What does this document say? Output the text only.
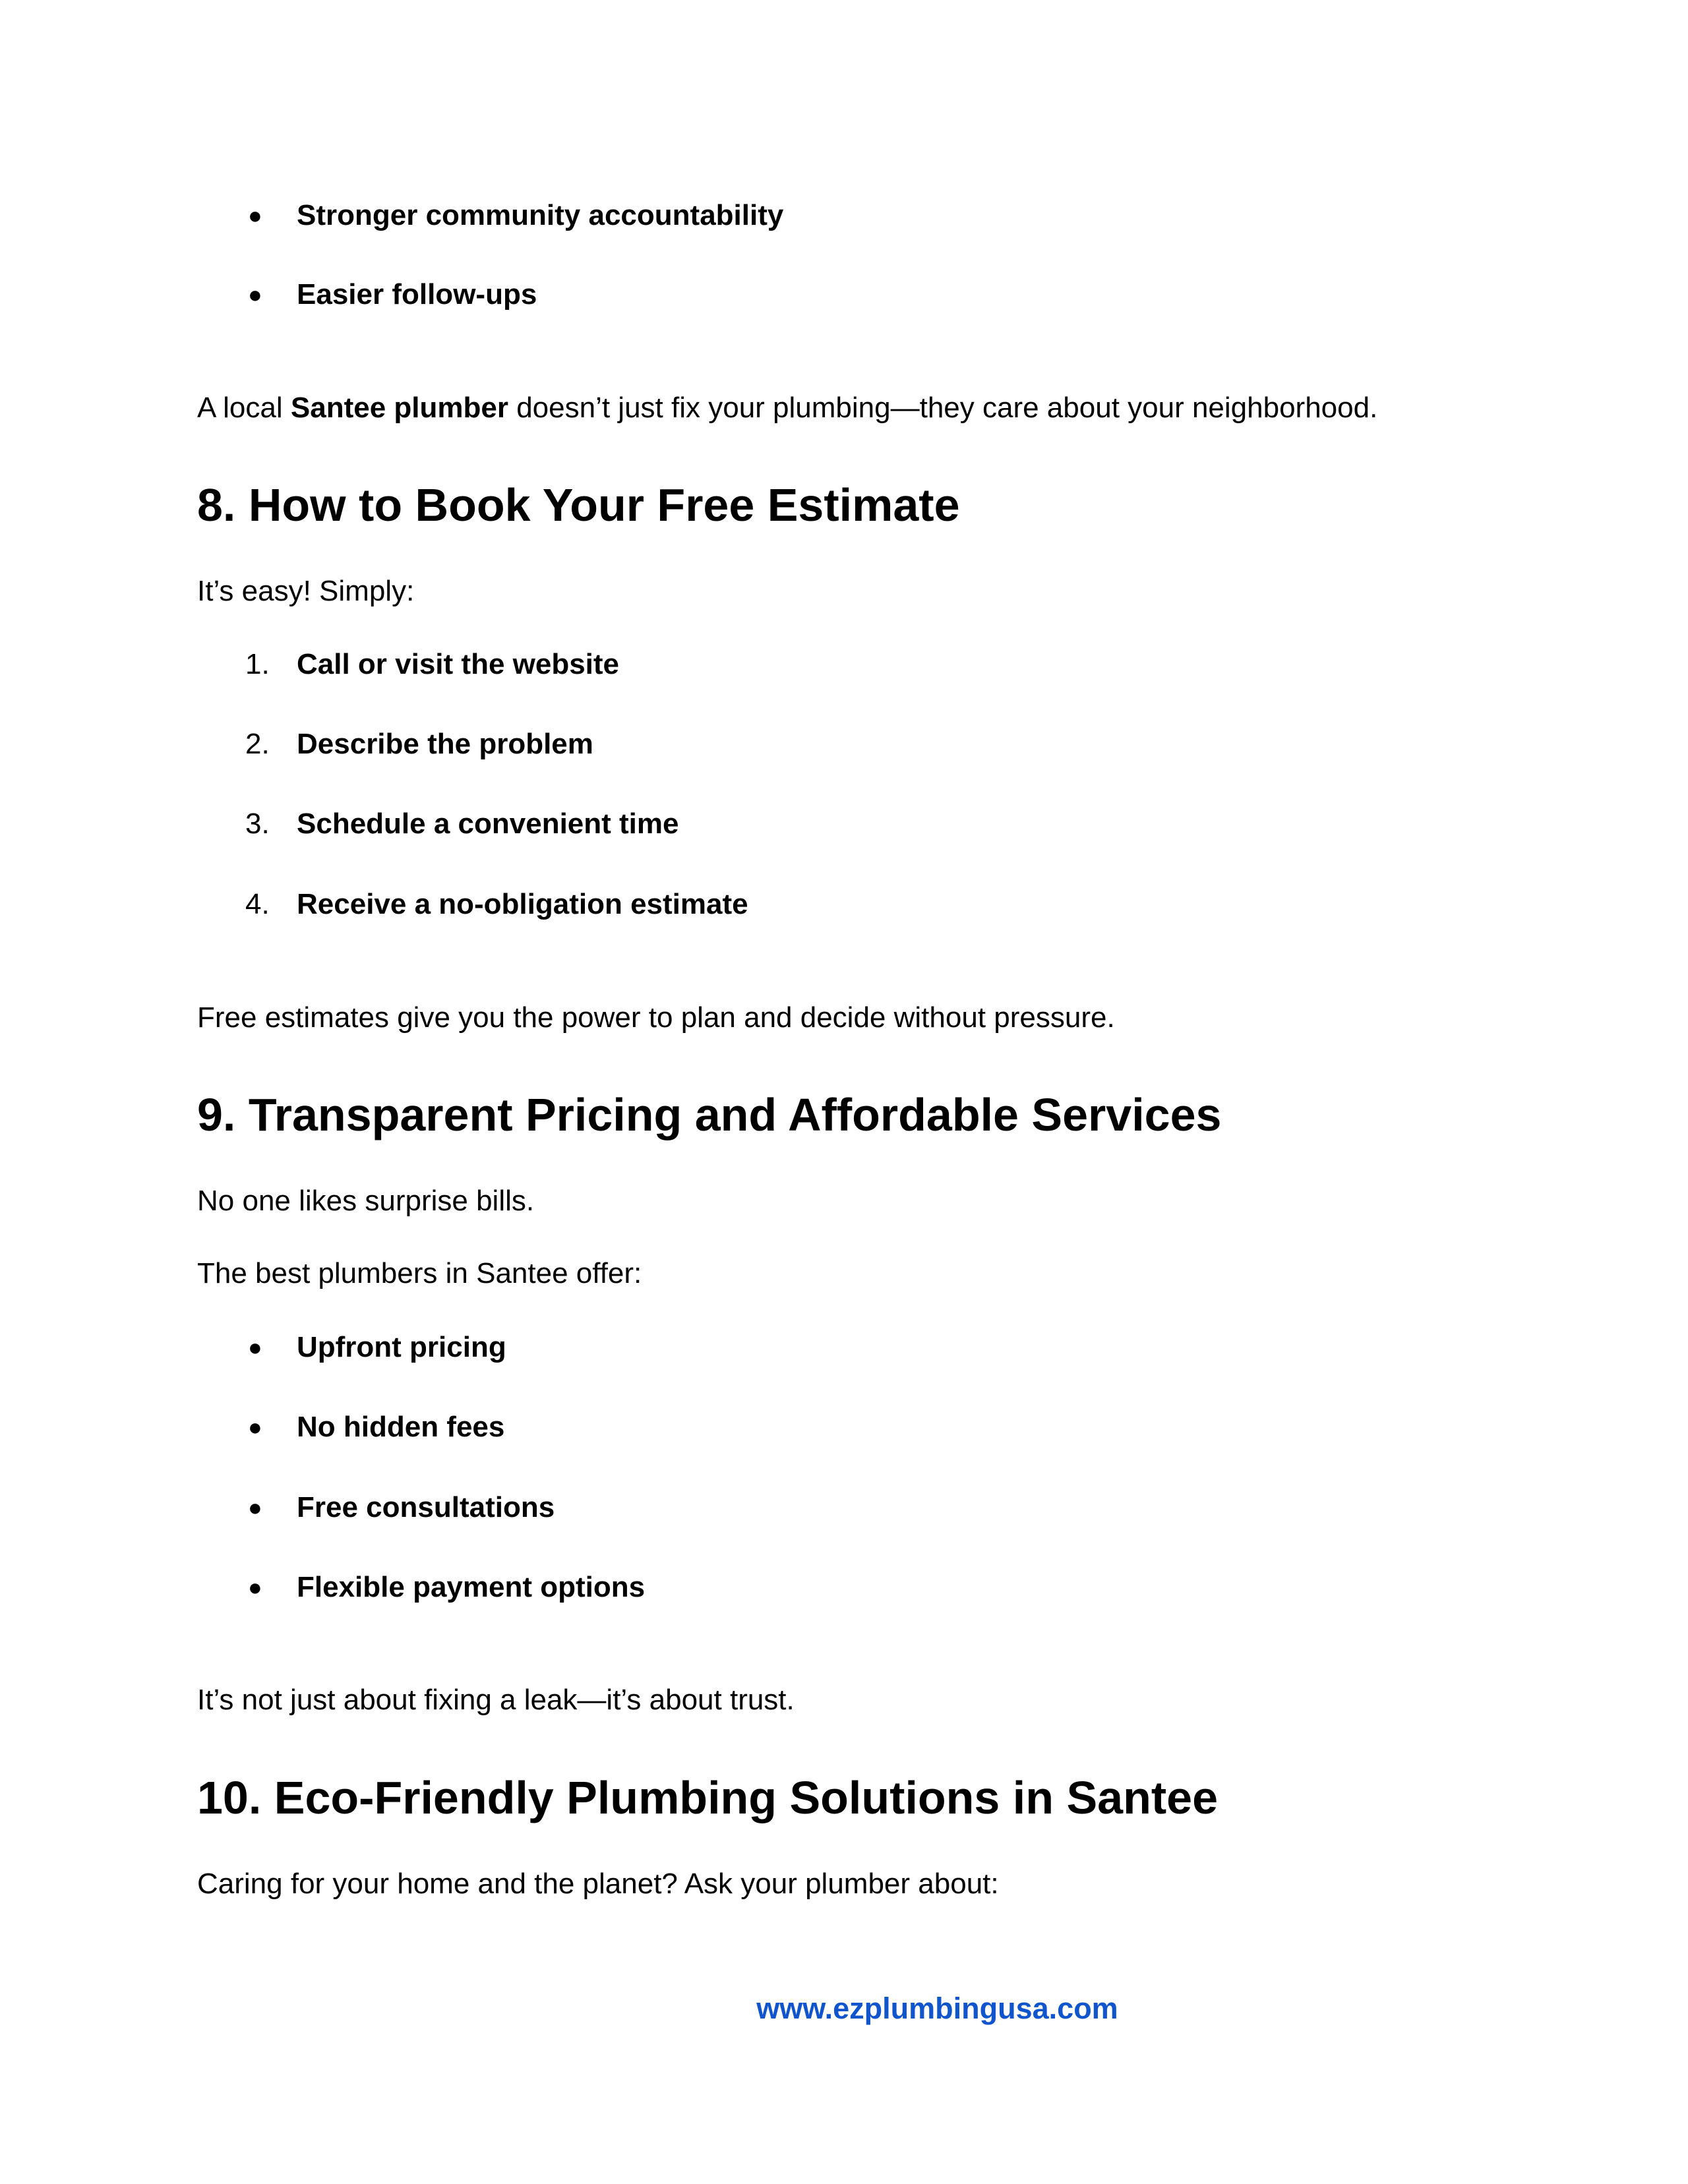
●	Stronger community accountability
●	Easier follow-ups

A local Santee plumber doesn’t just fix your plumbing—they care about your neighborhood.

8. How to Book Your Free Estimate

It’s easy! Simply:

1. Call or visit the website
2. Describe the problem
3. Schedule a convenient time
4. Receive a no-obligation estimate

Free estimates give you the power to plan and decide without pressure.

9. Transparent Pricing and Affordable Services

No one likes surprise bills.

The best plumbers in Santee offer:

●	Upfront pricing
●	No hidden fees
●	Free consultations
●	Flexible payment options

It’s not just about fixing a leak—it’s about trust.

10. Eco-Friendly Plumbing Solutions in Santee

Caring for your home and the planet? Ask your plumber about:

www.ezplumbingusa.com
